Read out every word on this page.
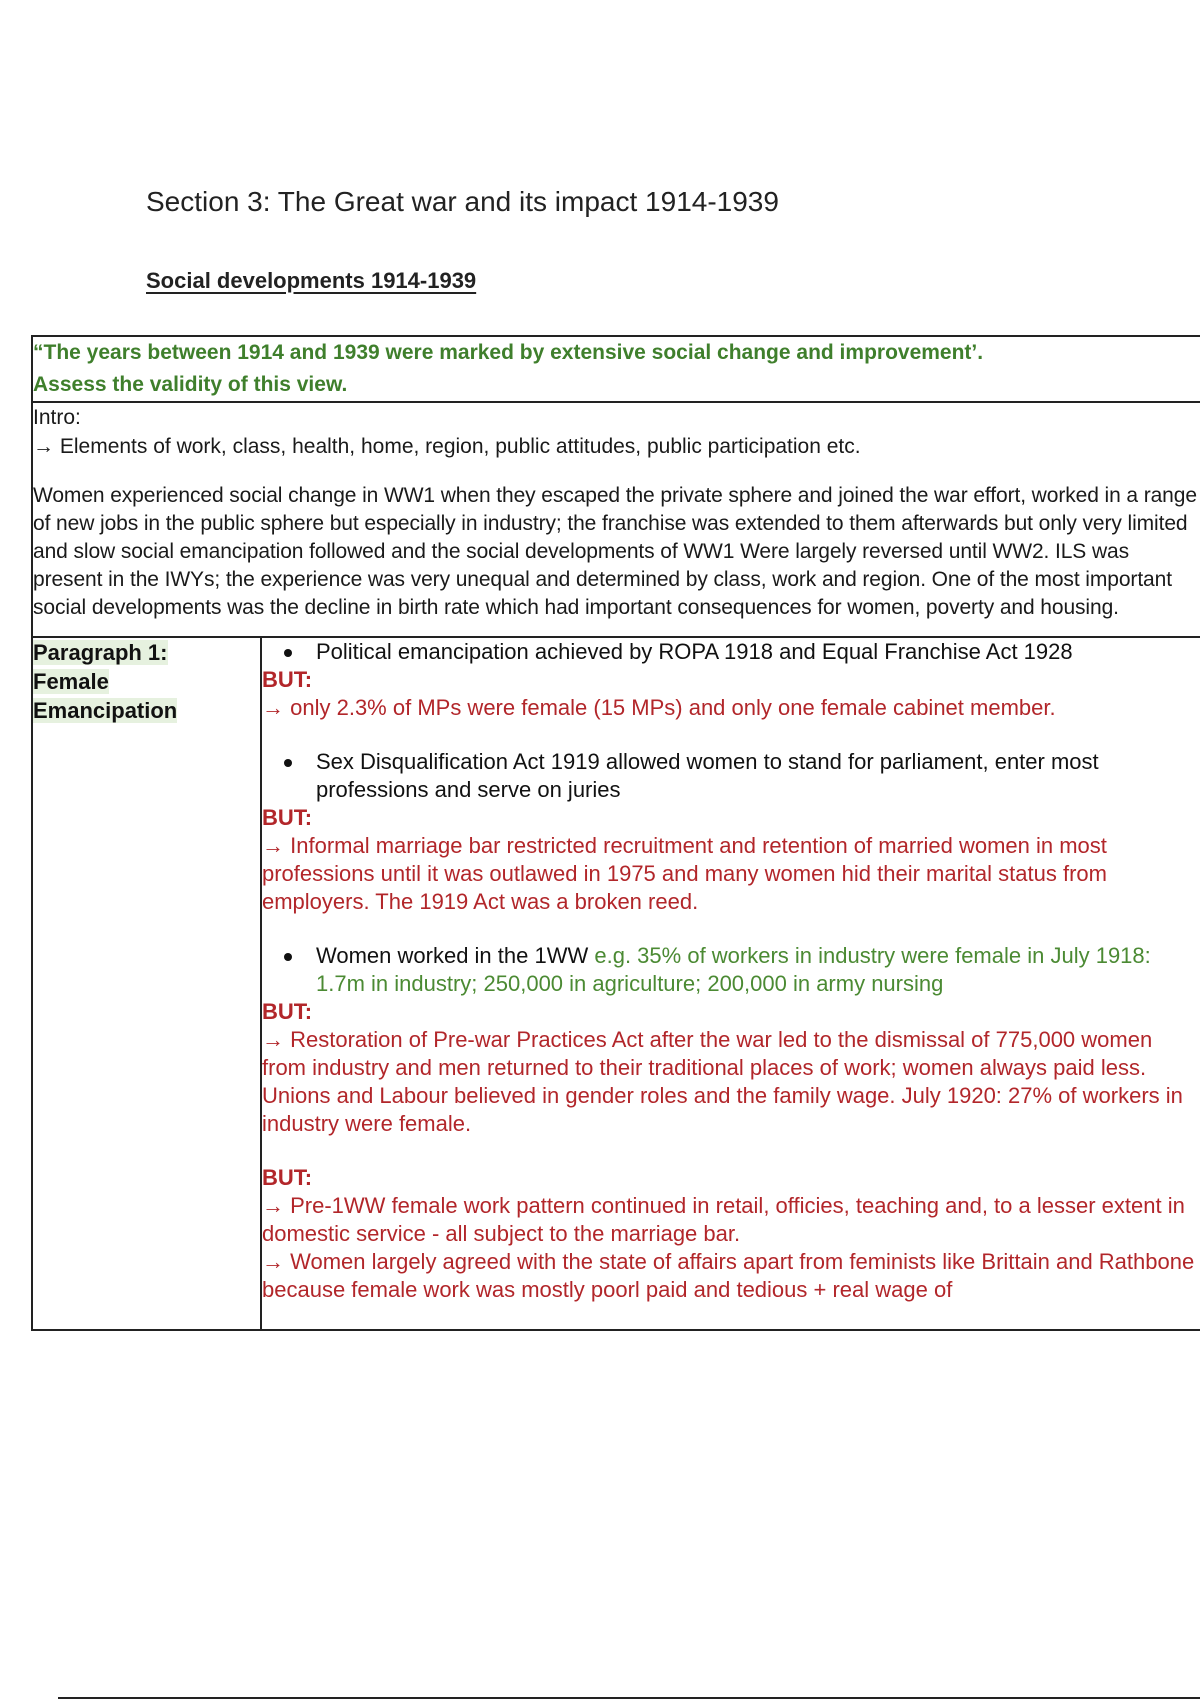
Section 3: The Great war and its impact 1914-1939
Social developments 1914-1939

“The years between 1914 and 1939 were marked by extensive social change and improvement’.

Assess the validity of this view.

Intro:

→ Elements of work, class, health, home, region, public attitudes, public participation etc.

Women experienced social change in WW1 when they escaped the private sphere and joined the war effort, worked in a range of new jobs in the public sphere but especially in industry; the franchise was extended to them afterwards but only very limited and slow social emancipation followed and the social developments of WW1 Were largely reversed until WW2. ILS was present in the IWYs; the experience was very unequal and determined by class, work and region. One of the most important social developments was the decline in birth rate which had important consequences for women, poverty and housing.

Paragraph 1:
Female
Emancipation	

Political emancipation achieved by ROPA 1918 and Equal Franchise Act 1928

BUT:

→ only 2.3% of MPs were female (15 MPs) and only one female cabinet member.

Sex Disqualification Act 1919 allowed women to stand for parliament, enter most professions and serve on juries

BUT:

→ Informal marriage bar restricted recruitment and retention of married women in most professions until it was outlawed in 1975 and many women hid their marital status from employers. The 1919 Act was a broken reed.

Women worked in the 1WW e.g. 35% of workers in industry were female in July 1918: 1.7m in industry; 250,000 in agriculture; 200,000 in army nursing

BUT:

→ Restoration of Pre-war Practices Act after the war led to the dismissal of 775,000 women from industry and men returned to their traditional places of work; women always paid less. Unions and Labour believed in gender roles and the family wage. July 1920: 27% of workers in industry were female.

BUT:

→ Pre-1WW female work pattern continued in retail, officies, teaching and, to a lesser extent in domestic service - all subject to the marriage bar.

→ Women largely agreed with the state of affairs apart from feminists like Brittain and Rathbone because female work was mostly poorl paid and tedious + real wage of
